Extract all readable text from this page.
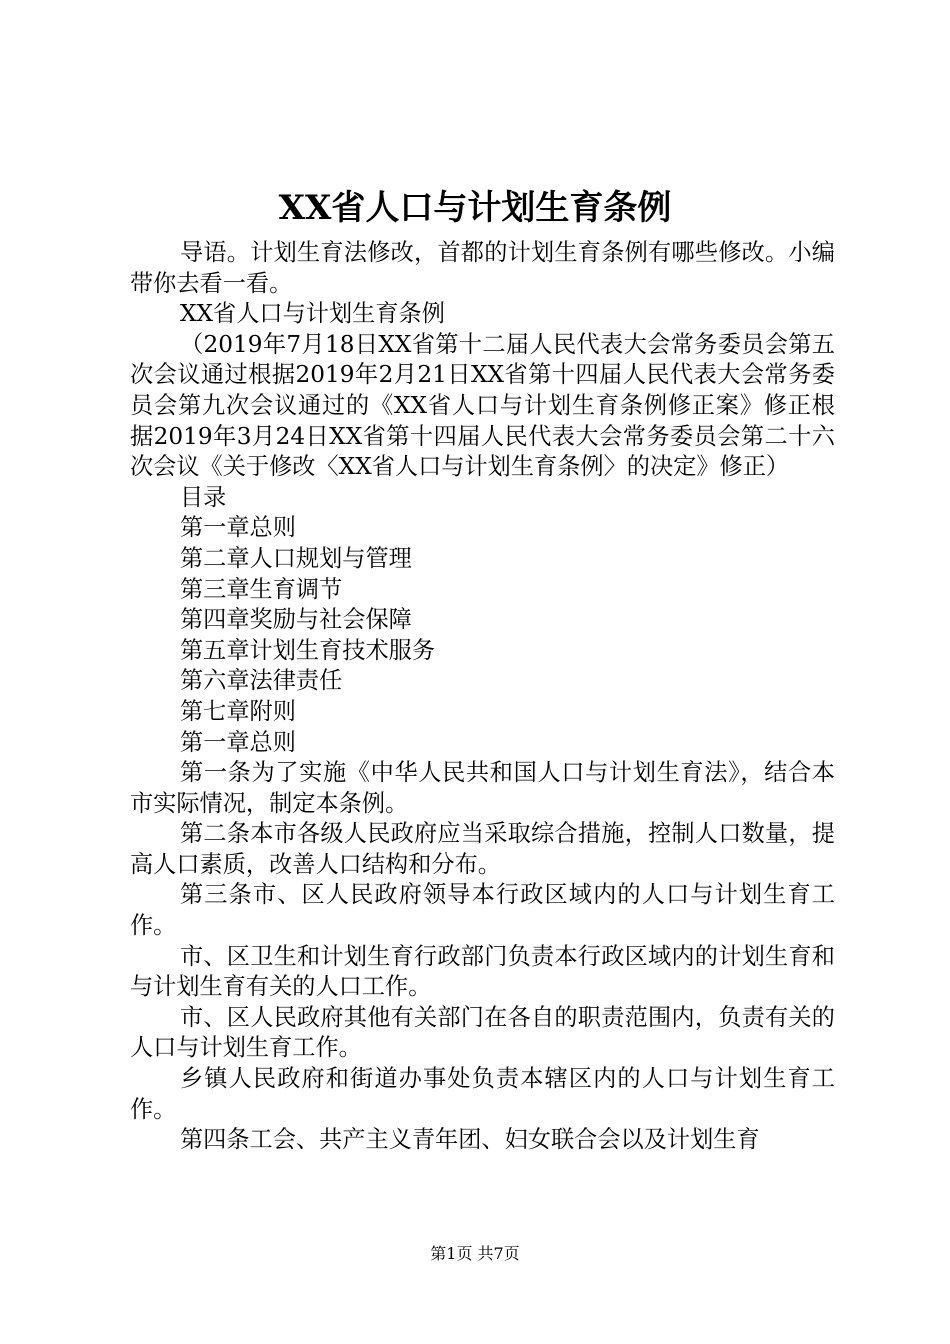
XX省人口与计划生育条例

导语。计划生育法修改，首都的计划生育条例有哪些修改。小编带你去看一看。

XX省人口与计划生育条例

（2019年7月18日XX省第十二届人民代表大会常务委员会第五次会议通过根据2019年2月21日XX省第十四届人民代表大会常务委员会第九次会议通过的《XX省人口与计划生育条例修正案》修正根据2019年3月24日XX省第十四届人民代表大会常务委员会第二十六次会议《关于修改〈XX省人口与计划生育条例〉的决定》修正）

目录

第一章总则

第二章人口规划与管理

第三章生育调节

第四章奖励与社会保障

第五章计划生育技术服务

第六章法律责任

第七章附则

第一章总则

第一条为了实施《中华人民共和国人口与计划生育法》，结合本市实际情况，制定本条例。

第二条本市各级人民政府应当采取综合措施，控制人口数量，提高人口素质，改善人口结构和分布。

第三条市、区人民政府领导本行政区域内的人口与计划生育工作。

市、区卫生和计划生育行政部门负责本行政区域内的计划生育和与计划生育有关的人口工作。

市、区人民政府其他有关部门在各自的职责范围内，负责有关的人口与计划生育工作。

乡镇人民政府和街道办事处负责本辖区内的人口与计划生育工作。

第四条工会、共产主义青年团、妇女联合会以及计划生育

第1页 共7页
